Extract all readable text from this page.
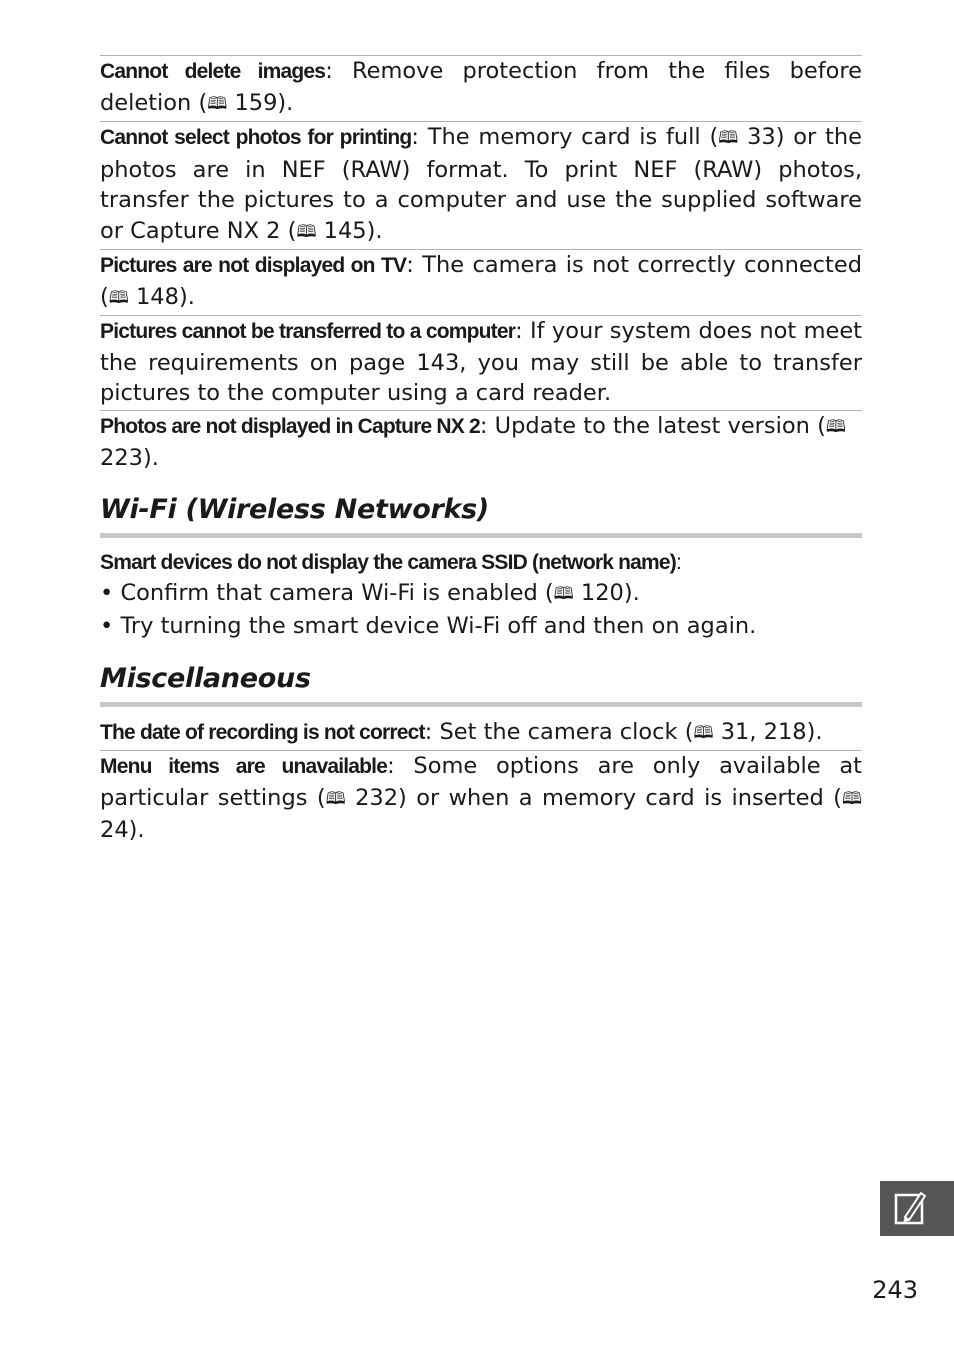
Cannot delete images: Remove protection from the files before deletion (🕮 159).
Cannot select photos for printing: The memory card is full (🕮 33) or the photos are in NEF (RAW) format. To print NEF (RAW) photos, transfer the pictures to a computer and use the supplied software or Capture NX 2 (🕮 145).
Pictures are not displayed on TV: The camera is not correctly connected (🕮 148).
Pictures cannot be transferred to a computer: If your system does not meet the requirements on page 143, you may still be able to transfer pictures to the computer using a card reader.
Photos are not displayed in Capture NX 2: Update to the latest version (🕮 223).
Wi-Fi (Wireless Networks)
Smart devices do not display the camera SSID (network name):
• Confirm that camera Wi-Fi is enabled (🕮 120).
• Try turning the smart device Wi-Fi off and then on again.
Miscellaneous
The date of recording is not correct: Set the camera clock (🕮 31, 218).
Menu items are unavailable: Some options are only available at particular settings (🕮 232) or when a memory card is inserted (🕮 24).
243
